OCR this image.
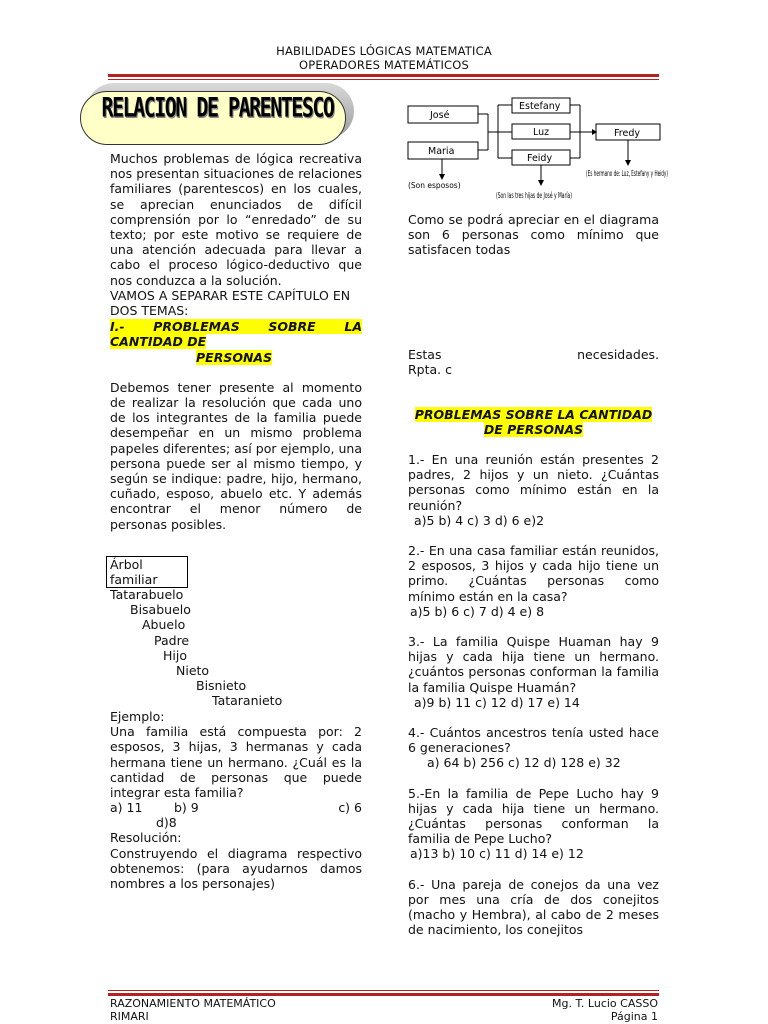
HABILIDADES LÓGICAS MATEMATICA
OPERADORES MATEMÁTICOS
RELACION DE PARENTESCO

Muchos problemas de lógica recreativa nos presentan situaciones de relaciones familiares (parentescos) en los cuales, se aprecian enunciados de difícil comprensión por lo “enredado” de su texto; por este motivo se requiere de una atención adecuada para llevar a cabo el proceso lógico-deductivo que nos conduzca a la solución.

VAMOS A SEPARAR ESTE CAPÍTULO EN DOS TEMAS:

I.- PROBLEMAS SOBRE LA CANTIDAD DE

PERSONAS

Debemos tener presente al momento de realizar la resolución que cada uno de los integrantes de la familia puede desempeñar en un mismo problema papeles diferentes; así por ejemplo, una persona puede ser al mismo tiempo, y según se indique: padre, hijo, hermano, cuñado, esposo, abuelo etc. Y además encontrar el menor número de personas posibles.

Árbol familiar
Tatarabuelo
Bisabuelo
Abuelo
Padre
Hijo
Nieto
Bisnieto
Tataranieto

Ejemplo:

Una familia está compuesta por: 2 esposos, 3 hijas, 3 hermanas y cada hermana tiene un hermano. ¿Cuál es la cantidad de personas que puede integrar esta familia?

a) 11	b) 9	c) 6
d)8

Resolución:

Construyendo el diagrama respectivo obtenemos: (para ayudarnos damos nombres a los personajes)

José
Maria
Estefany
Luz
Feidy
Fredy
(Son esposos)
(Son las tres hijas de José y María)
(Es hermano de: Luz, Estefany y Heidy)

Como se podrá apreciar en el diagrama son 6 personas como mínimo que satisfacen todas

Estas	necesidades.
Rpta. c
PROBLEMAS SOBRE LA CANTIDAD
DE PERSONAS

1.- En una reunión están presentes 2 padres, 2 hijos y un nieto. ¿Cuántas personas como mínimo están en la reunión?

a)5 b) 4 c) 3 d) 6 e)2

2.- En una casa familiar están reunidos, 2 esposos, 3 hijos y cada hijo tiene un primo. ¿Cuántas personas como mínimo están en la casa?

a)5 b) 6 c) 7 d) 4 e) 8

3.- La familia Quispe Huaman hay 9 hijas y cada hija tiene un hermano. ¿cuántos personas conforman la familia la familia Quispe Huamán?

a)9 b) 11 c) 12 d) 17 e) 14

4.- Cuántos ancestros tenía usted hace 6 generaciones?

a) 64 b) 256 c) 12 d) 128 e) 32

5.-En la familia de Pepe Lucho hay 9 hijas y cada hija tiene un hermano. ¿Cuántas personas conforman la familia de Pepe Lucho?

a)13 b) 10 c) 11 d) 14 e) 12

6.- Una pareja de conejos da una vez por mes una cría de dos conejitos (macho y Hembra), al cabo de 2 meses de nacimiento, los conejitos

RAZONAMIENTO MATEMÁTICO
RIMARI
Mg. T. Lucio CASSO
Página 1
